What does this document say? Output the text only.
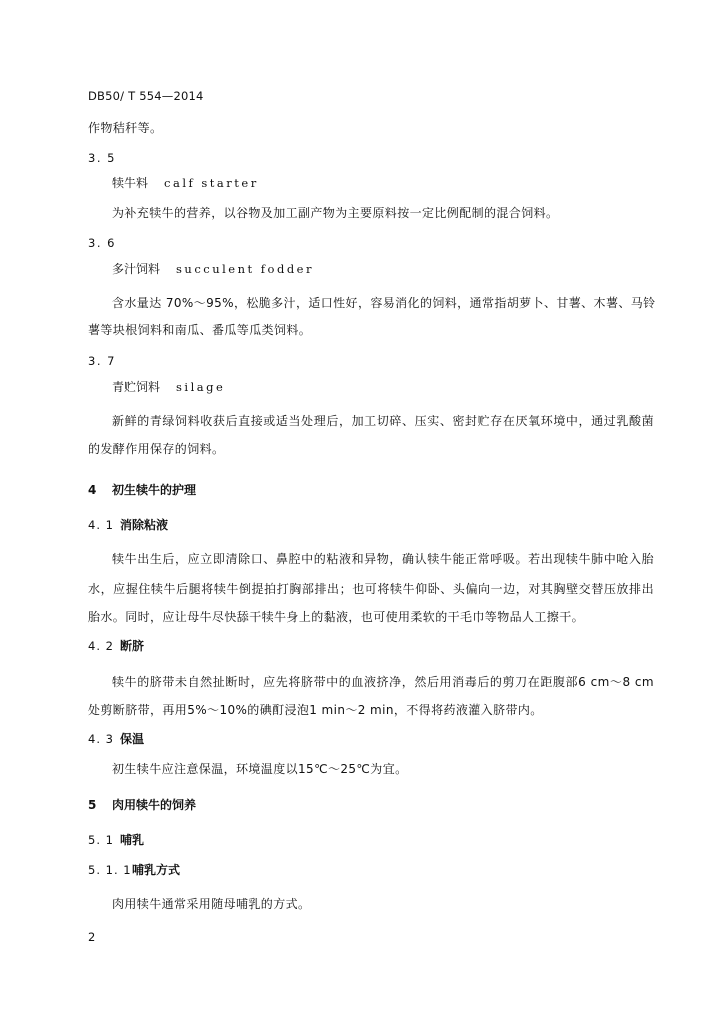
DB50/ T 554—2014
作物秸秆等。
3. 5
犊牛料 calf starter
为补充犊牛的营养，以谷物及加工副产物为主要原料按一定比例配制的混合饲料。
3. 6
多汁饲料 succulent fodder
含水量达 70%～95%，松脆多汁，适口性好，容易消化的饲料，通常指胡萝卜、甘薯、木薯、马铃
薯等块根饲料和南瓜、番瓜等瓜类饲料。
3. 7
青贮饲料 silage
新鲜的青绿饲料收获后直接或适当处理后，加工切碎、压实、密封贮存在厌氧环境中，通过乳酸菌
的发酵作用保存的饲料。
4 初生犊牛的护理
4. 1 消除粘液
犊牛出生后，应立即清除口、鼻腔中的粘液和异物，确认犊牛能正常呼吸。若出现犊牛肺中呛入胎
水，应握住犊牛后腿将犊牛倒提拍打胸部排出；也可将犊牛仰卧、头偏向一边，对其胸壁交替压放排出
胎水。同时，应让母牛尽快舔干犊牛身上的黏液，也可使用柔软的干毛巾等物品人工擦干。
4. 2 断脐
犊牛的脐带未自然扯断时，应先将脐带中的血液挤净，然后用消毒后的剪刀在距腹部6 cm～8 cm
处剪断脐带，再用5%～10%的碘酊浸泡1 min～2 min，不得将药液灌入脐带内。
4. 3 保温
初生犊牛应注意保温，环境温度以15℃～25℃为宜。
5 肉用犊牛的饲养
5. 1 哺乳
5. 1. 1哺乳方式
肉用犊牛通常采用随母哺乳的方式。
2
